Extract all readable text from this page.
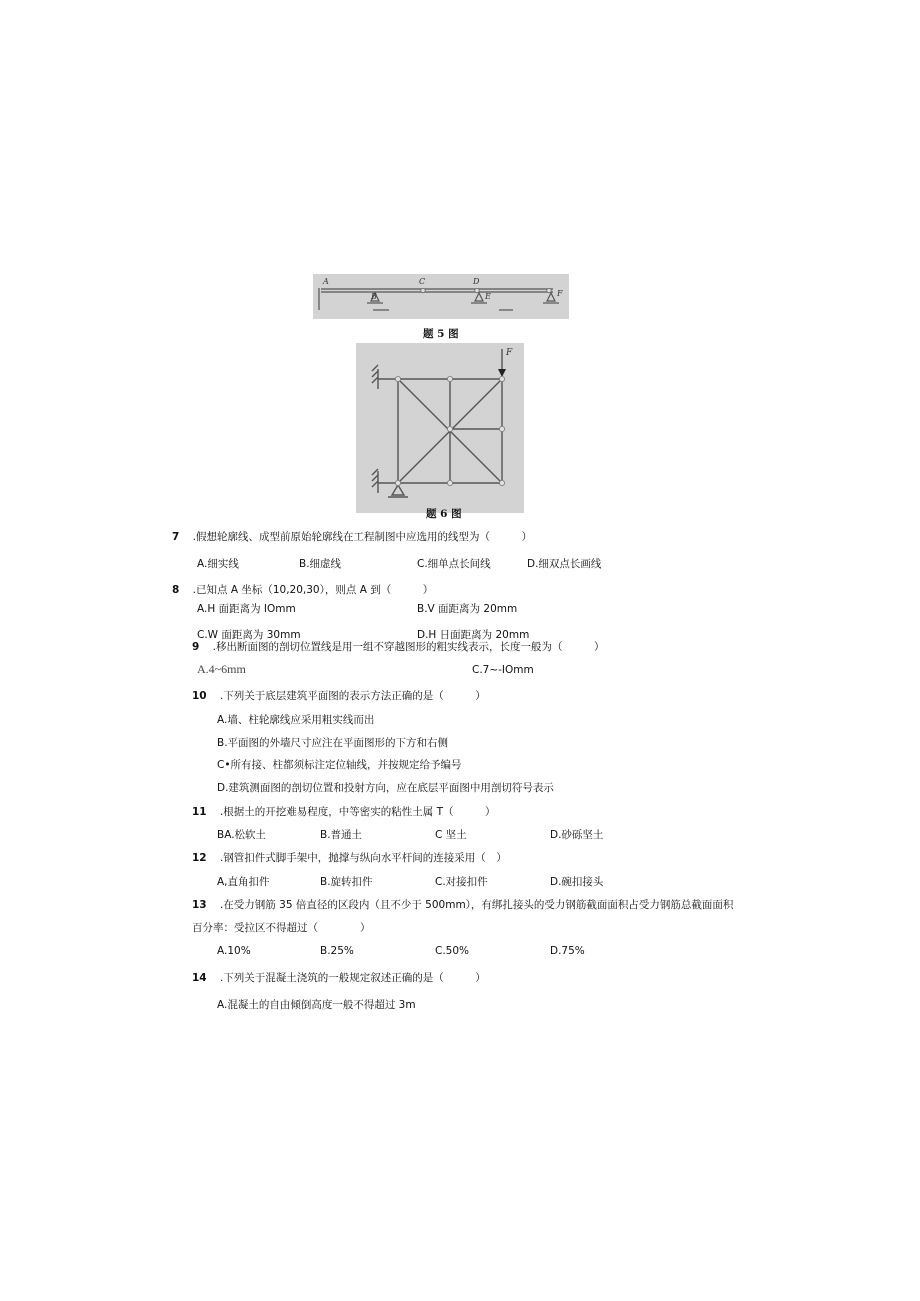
A
B
C	D
E	F
题 5 图
F
题 6 图
7 .假想轮廓线、成型前原始轮廓线在工程制图中应选用的线型为（　　　）
A.细实线	B.细虚线	C.细单点长间线	D.细双点长画线
8 .已知点 A 坐标（10,20,30），则点 A 到（　　　）
A.H 面距离为 IOmm	B.V 面距离为 20mm
C.W 面距离为 30mm	D.H 日面距离为 20mm
9 .移出断面图的剖切位置线是用一组不穿越图形的粗实线表示，长度一般为（　　　）
A.4~6mm	C.7~-IOmm
10 .下列关于底层建筑平面图的表示方法正确的是（　　　）
A.墙、柱轮廓线应采用粗实线而出
B.平面图的外墙尺寸应注在平面图形的下方和右侧
C•所有接、柱都须标注定位轴线，并按规定给予编号
D.建筑测面图的剖切位置和投射方向，应在底层平面图中用剖切符号表示
11 .根据土的开挖难易程度，中等密实的粘性土属 T（　　　）
BA.松软土	B.普通土	C 坚土	D.砂砾坚土
12 .钢管扣件式脚手架中，抛撑与纵向水平杆间的连接采用（　）
A,直角扣件	B.旋转扣件	C.对接扣件	D.碗扣接头
13 .在受力钢筋 35 倍直径的区段内（且不少于 500mm），有绑扎接头的受力钢筋截面面积占受力钢筋总截面面积
百分率：受拉区不得超过（　　　　）
A.10%	B.25%	C.50%	D.75%
14 .下列关于混凝土浇筑的一般规定叙述正确的是（　　　）
A.混凝土的自由倾倒高度一般不得超过 3m
